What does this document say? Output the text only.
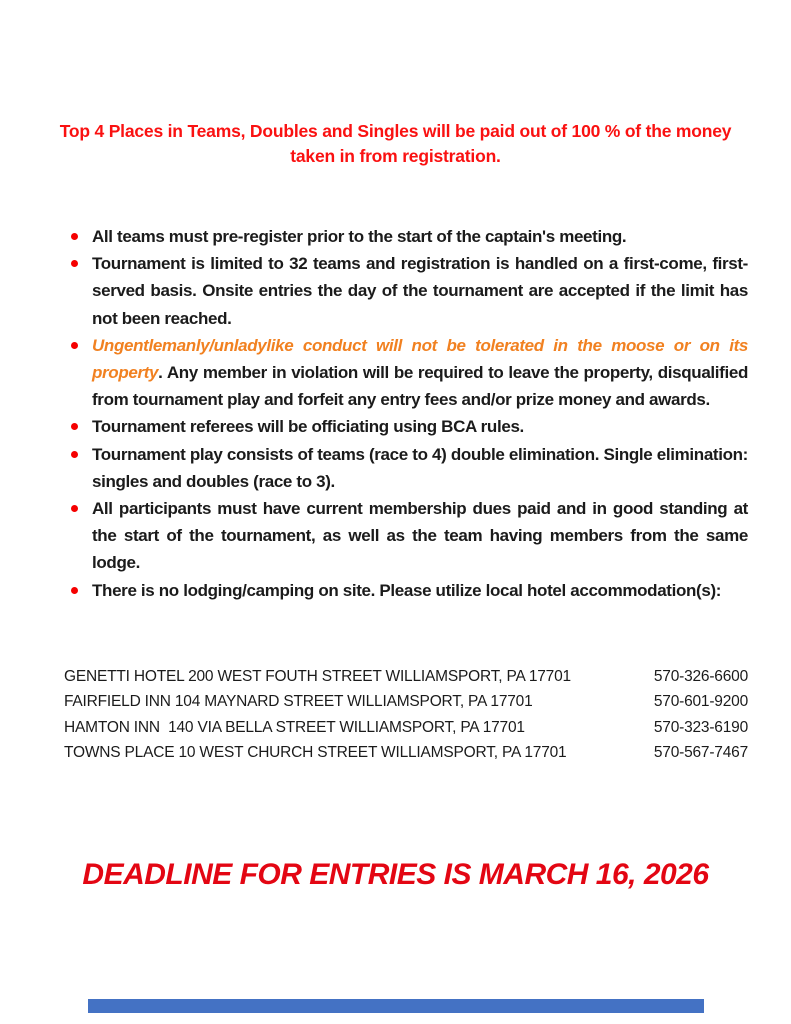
Top 4 Places in Teams, Doubles and Singles will be paid out of 100 % of the money taken in from registration.
All teams must pre-register prior to the start of the captain's meeting.
Tournament is limited to 32 teams and registration is handled on a first-come, first-served basis. Onsite entries the day of the tournament are accepted if the limit has not been reached.
Ungentlemanly/unladylike conduct will not be tolerated in the moose or on its property. Any member in violation will be required to leave the property, disqualified from tournament play and forfeit any entry fees and/or prize money and awards.
Tournament referees will be officiating using BCA rules.
Tournament play consists of teams (race to 4) double elimination. Single elimination: singles and doubles (race to 3).
All participants must have current membership dues paid and in good standing at the start of the tournament, as well as the team having members from the same lodge.
There is no lodging/camping on site. Please utilize local hotel accommodation(s):
GENETTI HOTEL 200 WEST FOUTH STREET WILLIAMSPORT, PA 17701	570-326-6600
FAIRFIELD INN 104 MAYNARD STREET WILLIAMSPORT, PA 17701	570-601-9200
HAMTON INN  140 VIA BELLA STREET WILLIAMSPORT, PA 17701	570-323-6190
TOWNS PLACE 10 WEST CHURCH STREET WILLIAMSPORT, PA 17701	570-567-7467
DEADLINE FOR ENTRIES IS MARCH 16, 2026
